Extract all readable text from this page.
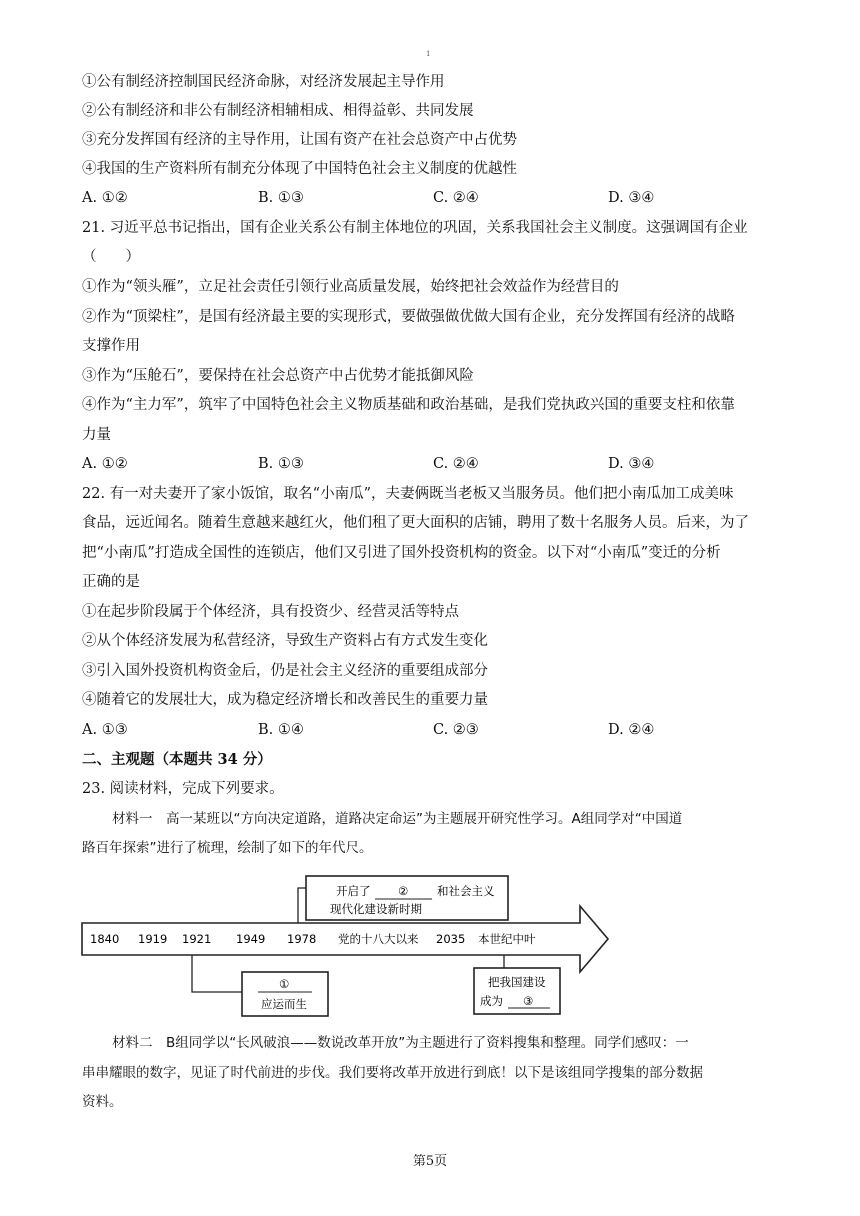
1
①公有制经济控制国民经济命脉，对经济发展起主导作用
②公有制经济和非公有制经济相辅相成、相得益彰、共同发展
③充分发挥国有经济的主导作用，让国有资产在社会总资产中占优势
④我国的生产资料所有制充分体现了中国特色社会主义制度的优越性
A. ①②	B. ①③	C. ②④	D. ③④
21. 习近平总书记指出，国有企业关系公有制主体地位的巩固，关系我国社会主义制度。这强调国有企业
（　　）
①作为“领头雁”，立足社会责任引领行业高质量发展，始终把社会效益作为经营目的
②作为“顶梁柱”，是国有经济最主要的实现形式，要做强做优做大国有企业，充分发挥国有经济的战略
支撑作用
③作为“压舱石”，要保持在社会总资产中占优势才能抵御风险
④作为“主力军”，筑牢了中国特色社会主义物质基础和政治基础，是我们党执政兴国的重要支柱和依靠
力量
A. ①②	B. ①③	C. ②④	D. ③④
22. 有一对夫妻开了家小饭馆，取名“小南瓜”，夫妻俩既当老板又当服务员。他们把小南瓜加工成美味
食品，远近闻名。随着生意越来越红火，他们租了更大面积的店铺，聘用了数十名服务人员。后来，为了
把“小南瓜”打造成全国性的连锁店，他们又引进了国外投资机构的资金。以下对“小南瓜”变迁的分析
正确的是
①在起步阶段属于个体经济，具有投资少、经营灵活等特点
②从个体经济发展为私营经济，导致生产资料占有方式发生变化
③引入国外投资机构资金后，仍是社会主义经济的重要组成部分
④随着它的发展壮大，成为稳定经济增长和改善民生的重要力量
A. ①③	B. ①④	C. ②③	D. ②④
二、主观题（本题共 34 分）
23. 阅读材料，完成下列要求。
材料一　高一某班以“方向决定道路，道路决定命运”为主题展开研究性学习。A组同学对“中国道
路百年探索”进行了梳理，绘制了如下的年代尺。
开启了 ② 和社会主义
现代化建设新时期
1840 1919 1921 1949 1978 党的十八大以来 2035 本世纪中叶
①
应运而生
把我国建设
成为 ③
材料二　B组同学以“长风破浪——数说改革开放”为主题进行了资料搜集和整理。同学们感叹：一
串串耀眼的数字，见证了时代前进的步伐。我们要将改革开放进行到底！以下是该组同学搜集的部分数据
资料。
第5页
